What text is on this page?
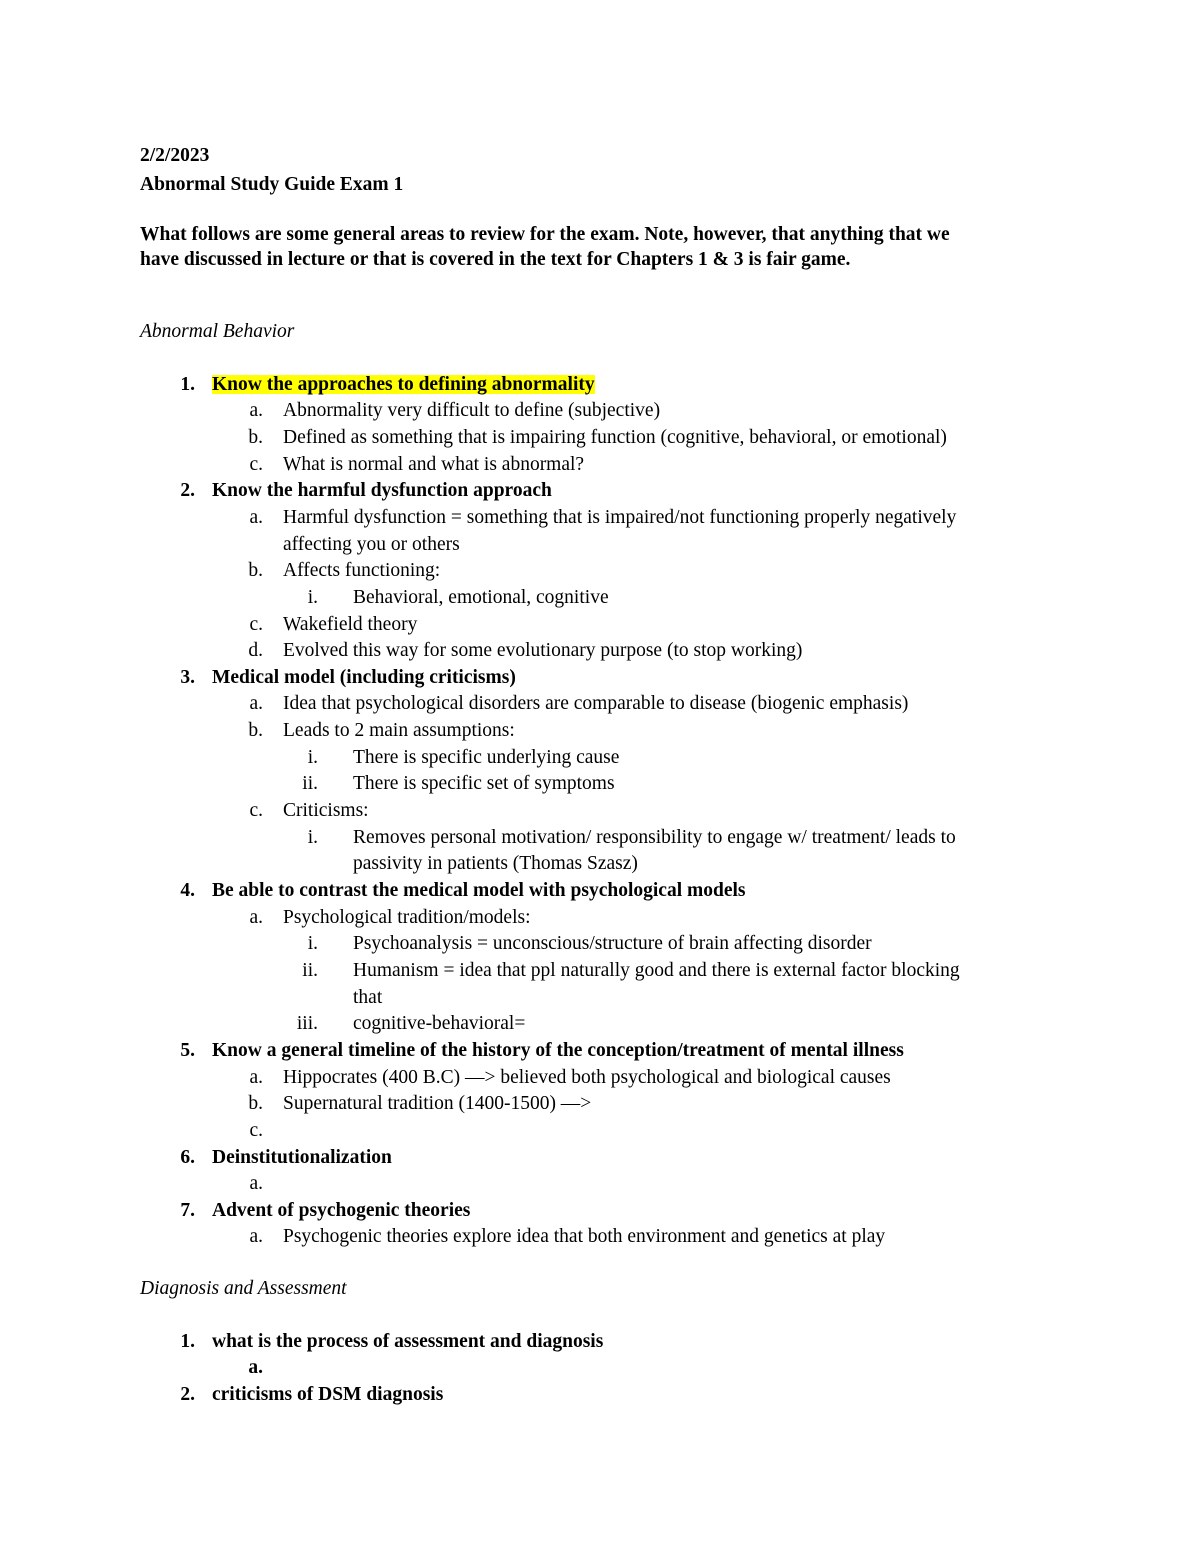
2/2/2023
Abnormal Study Guide Exam 1
What follows are some general areas to review for the exam. Note, however, that anything that we
have discussed in lecture or that is covered in the text for Chapters 1 & 3 is fair game.
Abnormal Behavior
1. Know the approaches to defining abnormality
a. Abnormality very difficult to define (subjective)
b. Defined as something that is impairing function (cognitive, behavioral, or emotional)
c. What is normal and what is abnormal?
2. Know the harmful dysfunction approach
a. Harmful dysfunction = something that is impaired/not functioning properly negatively
affecting you or others
b. Affects functioning:
i. Behavioral, emotional, cognitive
c. Wakefield theory
d. Evolved this way for some evolutionary purpose (to stop working)
3. Medical model (including criticisms)
a. Idea that psychological disorders are comparable to disease (biogenic emphasis)
b. Leads to 2 main assumptions:
i. There is specific underlying cause
ii. There is specific set of symptoms
c. Criticisms:
i. Removes personal motivation/ responsibility to engage w/ treatment/ leads to
passivity in patients (Thomas Szasz)
4. Be able to contrast the medical model with psychological models
a. Psychological tradition/models:
i. Psychoanalysis = unconscious/structure of brain affecting disorder
ii. Humanism = idea that ppl naturally good and there is external factor blocking
that
iii. cognitive-behavioral=
5. Know a general timeline of the history of the conception/treatment of mental illness
a. Hippocrates (400 B.C) —> believed both psychological and biological causes
b. Supernatural tradition (1400-1500) —>
c.
6. Deinstitutionalization
a.
7. Advent of psychogenic theories
a. Psychogenic theories explore idea that both environment and genetics at play
Diagnosis and Assessment
1. what is the process of assessment and diagnosis
a.
2. criticisms of DSM diagnosis
